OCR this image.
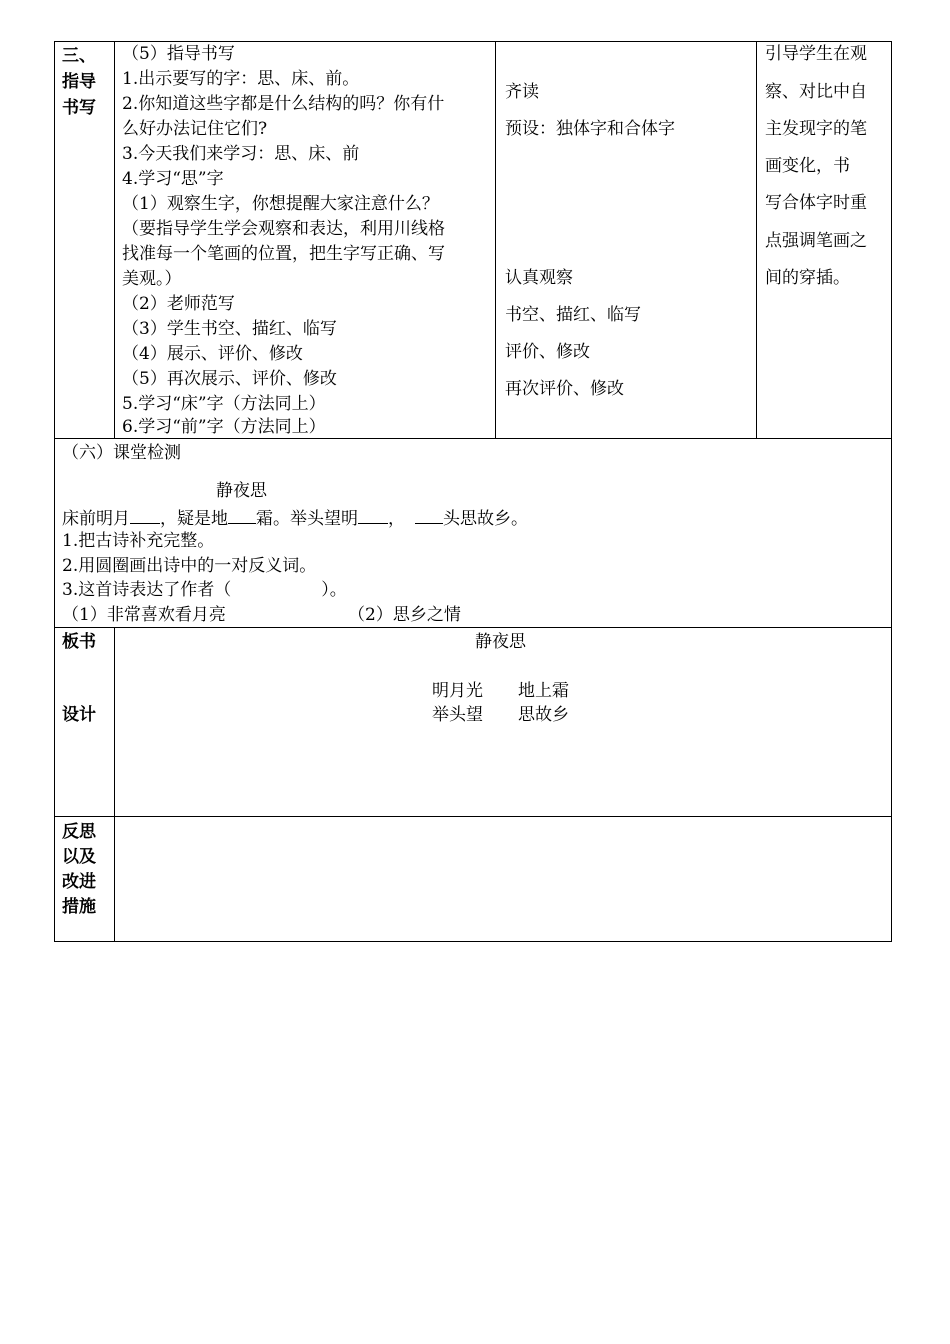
三、
指导
书写
（5）指导书写
1.出示要写的字：思、床、前。
2.你知道这些字都是什么结构的吗？你有什
么好办法记住它们?
3.今天我们来学习：思、床、前
4.学习“思”字
（1）观察生字，你想提醒大家注意什么？
（要指导学生学会观察和表达，利用川线格
找准每一个笔画的位置，把生字写正确、写
美观。）
（2）老师范写
（3）学生书空、描红、临写
（4）展示、评价、修改
（5）再次展示、评价、修改
5.学习“床”字（方法同上）
6.学习“前”字（方法同上）
齐读
预设：独体字和合体字
认真观察
书空、描红、临写
评价、修改
再次评价、修改
引导学生在观
察、对比中自
主发现字的笔
画变化，书
写合体字时重
点强调笔画之
间的穿插。
（六）课堂检测
静夜思
床前明月 ，疑是地 霜。举头望明 ， 头思故乡。
1.把古诗补充完整。
2.用圆圈画出诗中的一对反义词。
3.这首诗表达了作者（	）。
（1）非常喜欢看月亮	（2）思乡之情
板书
设计
静夜思
明月光 地上霜
举头望 思故乡
反思
以及
改进
措施
